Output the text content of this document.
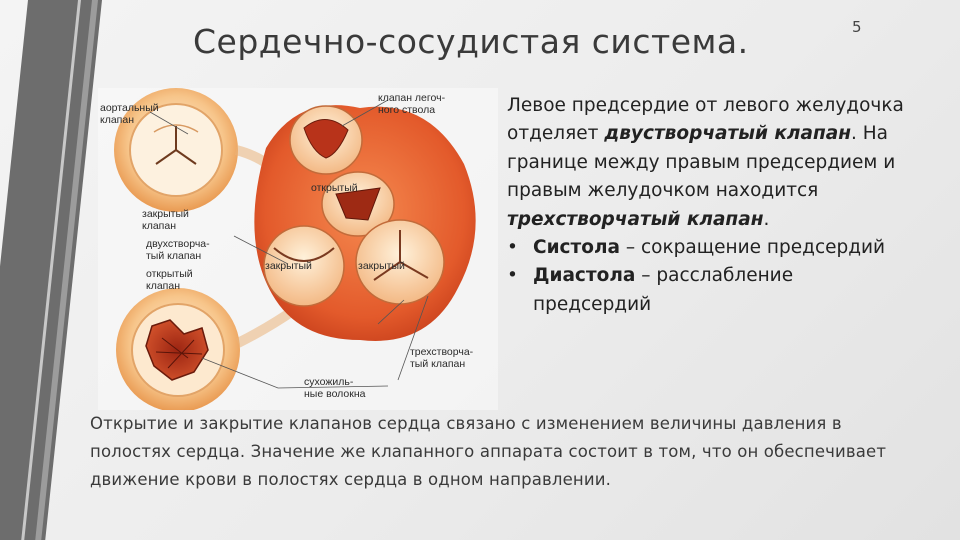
Сердечно-сосудистая система.	5
аортальный
клапан
клапан легоч-
ного ствола
открытый
закрытый
клапан
двухстворча-
тый клапан
открытый
клапан
закрытый	закрытый
трехстворча-
тый клапан
сухожиль-
ные волокна

Левое предсердие от левого желудочка отделяет двустворчатый клапан. На границе между правым предсердием и правым желудочком находится трехстворчатый клапан.

• Систола – сокращение предсердий
• Диастола – расслабление предсердий

Открытие и закрытие клапанов сердца связано с изменением величины давления в полостях сердца. Значение же клапанного аппарата состоит в том, что он обеспечивает движение крови в полостях сердца в одном направлении.
